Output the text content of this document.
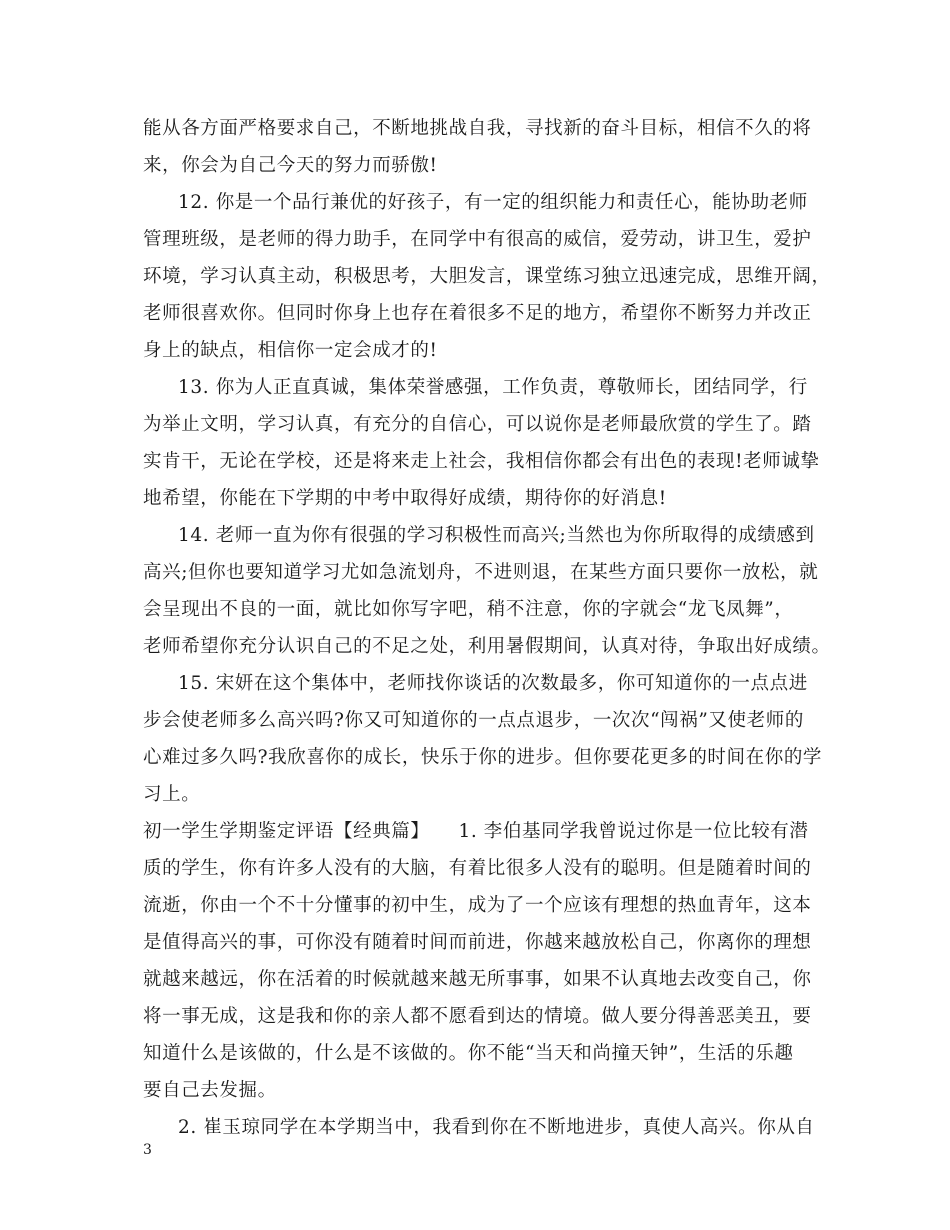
能从各方面严格要求自己，不断地挑战自我，寻找新的奋斗目标，相信不久的将
来，你会为自己今天的努力而骄傲!
12. 你是一个品行兼优的好孩子，有一定的组织能力和责任心，能协助老师
管理班级，是老师的得力助手，在同学中有很高的威信，爱劳动，讲卫生，爱护
环境，学习认真主动，积极思考，大胆发言，课堂练习独立迅速完成，思维开阔，
老师很喜欢你。但同时你身上也存在着很多不足的地方，希望你不断努力并改正
身上的缺点，相信你一定会成才的!
13. 你为人正直真诚，集体荣誉感强，工作负责，尊敬师长，团结同学，行
为举止文明，学习认真，有充分的自信心，可以说你是老师最欣赏的学生了。踏
实肯干，无论在学校，还是将来走上社会，我相信你都会有出色的表现!老师诚挚
地希望，你能在下学期的中考中取得好成绩，期待你的好消息!
14. 老师一直为你有很强的学习积极性而高兴;当然也为你所取得的成绩感到
高兴;但你也要知道学习尤如急流划舟，不进则退，在某些方面只要你一放松，就
会呈现出不良的一面，就比如你写字吧，稍不注意，你的字就会“龙飞凤舞”，
老师希望你充分认识自己的不足之处，利用暑假期间，认真对待，争取出好成绩。
15. 宋妍在这个集体中，老师找你谈话的次数最多，你可知道你的一点点进
步会使老师多么高兴吗?你又可知道你的一点点退步，一次次“闯祸”又使老师的
心难过多久吗?我欣喜你的成长，快乐于你的进步。但你要花更多的时间在你的学
习上。
初一学生学期鉴定评语【经典篇】　　1. 李伯基同学我曾说过你是一位比较有潜
质的学生，你有许多人没有的大脑，有着比很多人没有的聪明。但是随着时间的
流逝，你由一个不十分懂事的初中生，成为了一个应该有理想的热血青年，这本
是值得高兴的事，可你没有随着时间而前进，你越来越放松自己，你离你的理想
就越来越远，你在活着的时候就越来越无所事事，如果不认真地去改变自己，你
将一事无成，这是我和你的亲人都不愿看到达的情境。做人要分得善恶美丑，要
知道什么是该做的，什么是不该做的。你不能“当天和尚撞天钟”，生活的乐趣
要自己去发掘。
2. 崔玉琼同学在本学期当中，我看到你在不断地进步，真使人高兴。你从自
3
